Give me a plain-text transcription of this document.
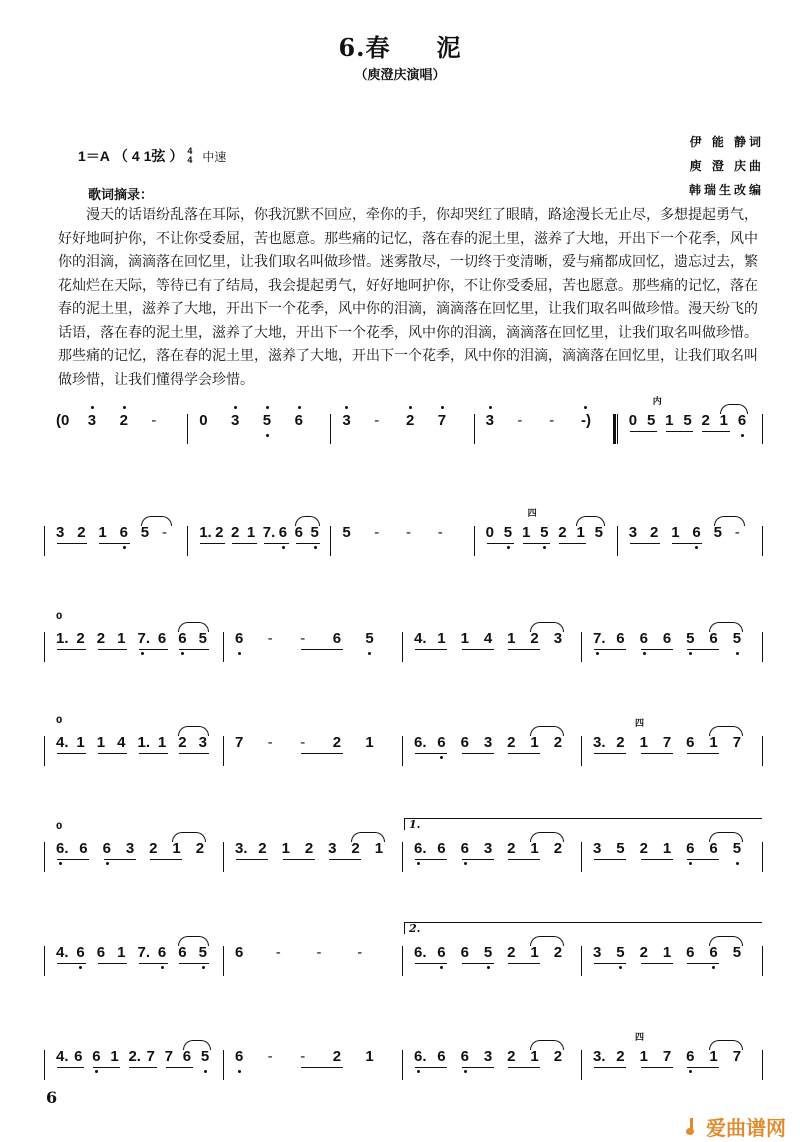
6.春 泥
（庾澄庆演唱）
伊 能 静词
庾 澄 庆曲
韩瑞生改编
1＝A （ 4 1弦 ） 4
4 中速
歌词摘录：

漫天的话语纷乱落在耳际，你我沉默不回应，牵你的手，你却哭红了眼睛，路途漫长无止尽，多想提起勇气，好好地呵护你，不让你受委屈，苦也愿意。那些痛的记忆，落在春的泥土里，滋养了大地，开出下一个花季，风中你的泪滴，滴滴落在回忆里，让我们取名叫做珍惜。迷雾散尽，一切终于变清晰，爱与痛都成回忆，遗忘过去，繁花灿烂在天际，等待已有了结局，我会提起勇气，好好地呵护你，不让你受委屈，苦也愿意。那些痛的记忆，落在春的泥土里，滋养了大地，开出下一个花季，风中你的泪滴，滴滴落在回忆里，让我们取名叫做珍惜。漫天纷飞的话语，落在春的泥土里，滋养了大地，开出下一个花季，风中你的泪滴，滴滴落在回忆里，让我们取名叫做珍惜。那些痛的记忆，落在春的泥土里，滋养了大地，开出下一个花季，风中你的泪滴，滴滴落在回忆里，让我们取名叫做珍惜，让我们懂得学会珍惜。

(0 3 2 -	0 3 5 6	3 - 2 7	3 - - -)	0 5 1 5 2 1 6
内
3 2 1 6 5 - 1. 2 2 1 7. 6 6 5 5 - - -	0 5 1 5 2 1 5 3 2 1 6 5 -
四
1. 2 2 1 7. 6 6 5 6 - - 6 5	4. 1 1 4 1 2 3 7. 6 6 6 5 6 5
0
4. 1 1 4 1. 1 2 3 7 - - 2 1	6. 6 6 3 2 1 2 3. 2 1 7 6 1 7
四
0
6. 6 6 3 2 1 2 3. 2 1 2 3 2 1 6. 6 6 3 2 1 2 3 5 2 1 6 6 5
1.
0
4. 6 6 1 7. 6 6 5 6 - - -	6. 6 6 5 2 1 2 3 5 2 1 6 6 5
2.
4. 6 6 1 2. 7 7 6 5 6 - - 2 1	6. 6 6 3 2 1 2 3. 2 1 7 6 1 7
四
6
爱曲谱网
